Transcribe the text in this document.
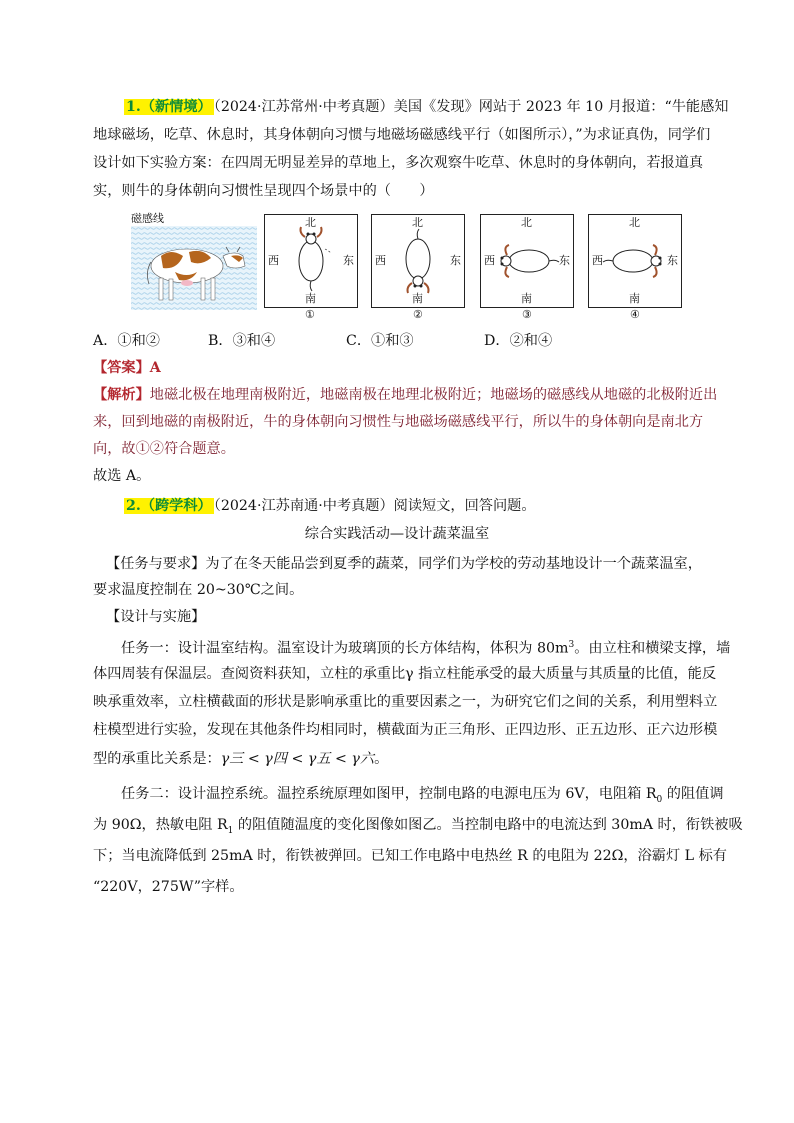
1.（新情境） （2024·江苏常州·中考真题）美国《发现》网站于 2023 年 10 月报道：“牛能感知
地球磁场，吃草、休息时，其身体朝向习惯与地磁场磁感线平行（如图所示），”为求证真伪，同学们
设计如下实验方案：在四周无明显差异的草地上，多次观察牛吃草、休息时的身体朝向，若报道真
实，则牛的身体朝向习惯性呈现四个场景中的（　　）
磁感线	北
南
西	东
①
北
南
西	东
②
北
南
西	东
③
北
南
西	东
④
A．①和②	B．③和④	C．①和③	D．②和④
【答案】A
【解析】地磁北极在地理南极附近，地磁南极在地理北极附近；地磁场的磁感线从地磁的北极附近出
来，回到地磁的南极附近，牛的身体朝向习惯性与地磁场磁感线平行，所以牛的身体朝向是南北方
向，故①②符合题意。
故选 A。
2.（跨学科） （2024·江苏南通·中考真题）阅读短文，回答问题。
综合实践活动—设计蔬菜温室
【任务与要求】为了在冬天能品尝到夏季的蔬菜，同学们为学校的劳动基地设计一个蔬菜温室，
要求温度控制在 20~30℃之间。
【设计与实施】
任务一：设计温室结构。温室设计为玻璃顶的长方体结构，体积为 $80m^3$。由立柱和横梁支撑，墙
体四周装有保温层。查阅资料获知，立柱的承重比γ 指立柱能承受的最大质量与其质量的比值，能反
映承重效率，立柱横截面的形状是影响承重比的重要因素之一，为研究它们之间的关系，利用塑料立
柱模型进行实验，发现在其他条件均相同时，横截面为正三角形、正四边形、正五边形、正六边形模
型的承重比关系是：γ三 < γ四 < γ五 < γ六。
任务二：设计温控系统。温控系统原理如图甲，控制电路的电源电压为 6V，电阻箱 $R_0$ 的阻值调
为 90Ω，热敏电阻 $R_1$ 的阻值随温度的变化图像如图乙。当控制电路中的电流达到 30mA 时，衔铁被吸
下；当电流降低到 25mA 时，衔铁被弹回。已知工作电路中电热丝 R 的电阻为 22Ω，浴霸灯 L 标有
“220V，275W”字样。
